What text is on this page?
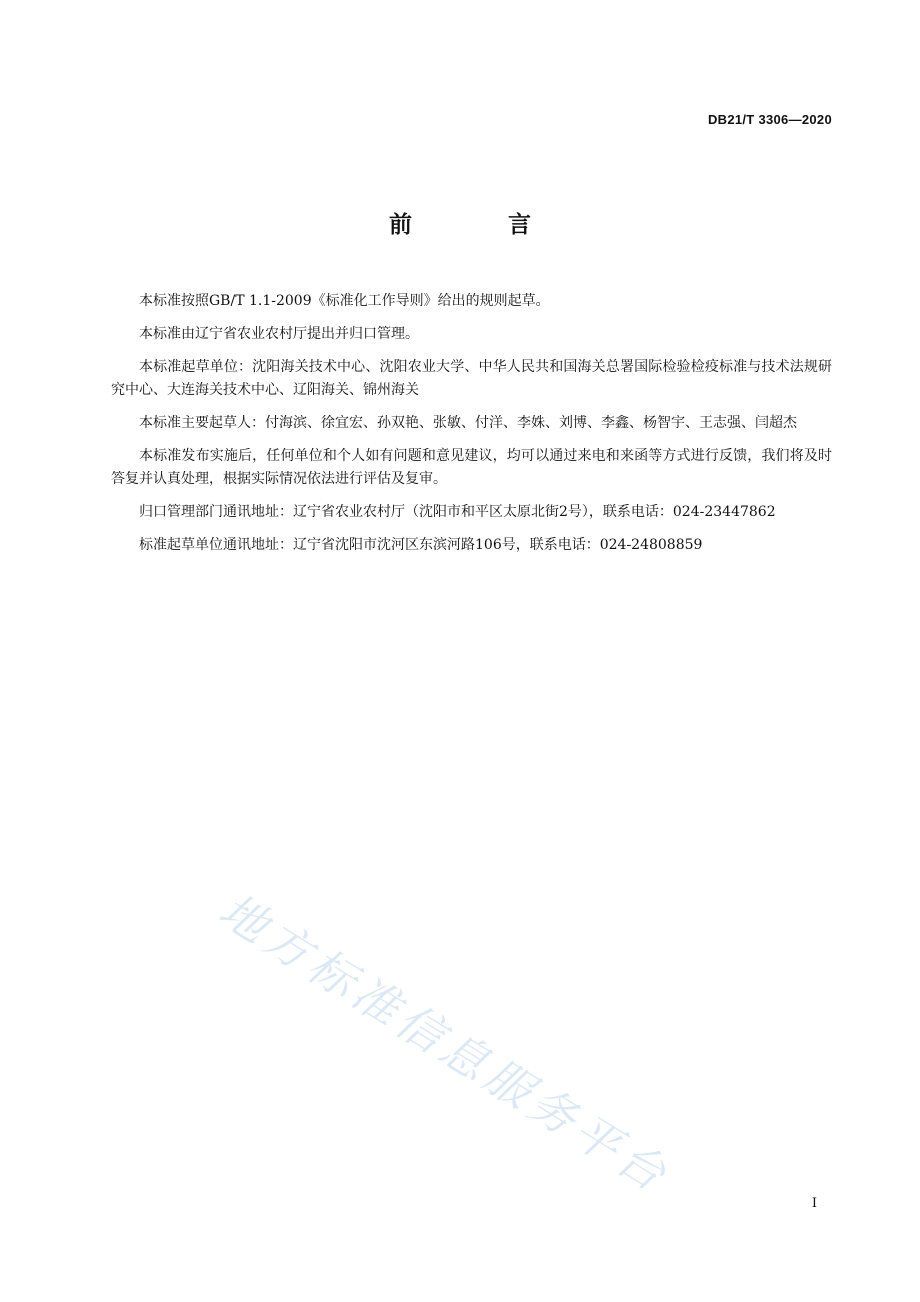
DB21/T 3306—2020
前 言

本标准按照GB/T 1.1-2009《标准化工作导则》给出的规则起草。

本标准由辽宁省农业农村厅提出并归口管理。

本标准起草单位：沈阳海关技术中心、沈阳农业大学、中华人民共和国海关总署国际检验检疫标准与技术法规研究中心、大连海关技术中心、辽阳海关、锦州海关

本标准主要起草人：付海滨、徐宜宏、孙双艳、张敏、付洋、李姝、刘博、李鑫、杨智宇、王志强、闫超杰

本标准发布实施后，任何单位和个人如有问题和意见建议，均可以通过来电和来函等方式进行反馈，我们将及时答复并认真处理，根据实际情况依法进行评估及复审。

归口管理部门通讯地址：辽宁省农业农村厅（沈阳市和平区太原北街2号），联系电话：024-23447862

标准起草单位通讯地址：辽宁省沈阳市沈河区东滨河路106号，联系电话：024-24808859

地方标准信息服务平台	I
